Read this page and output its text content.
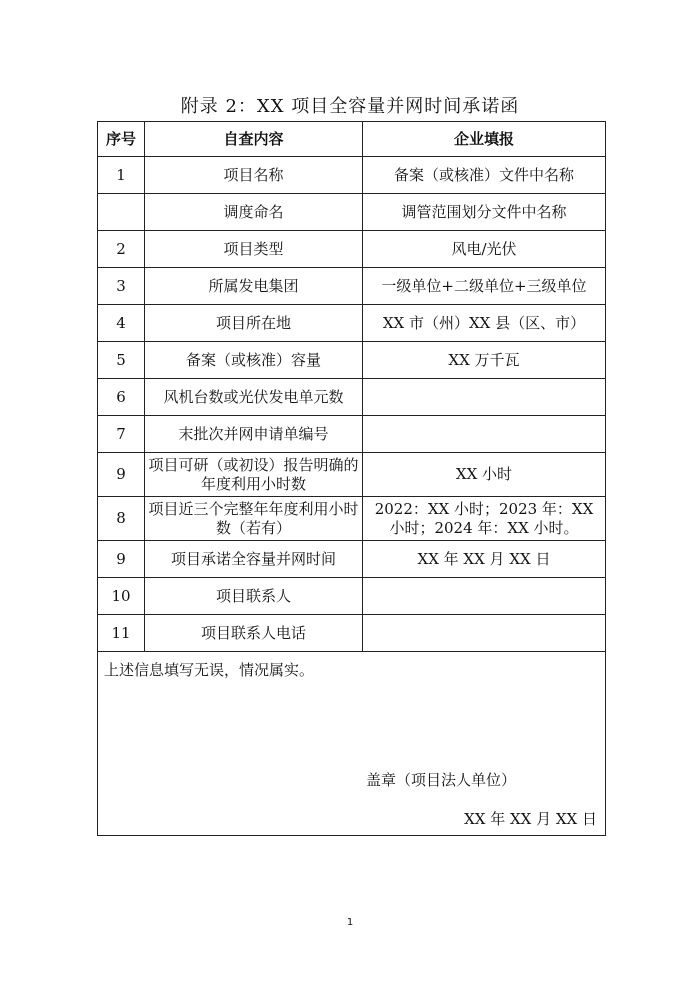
附录 2：XX 项目全容量并网时间承诺函
序号	自查内容	企业填报
1	项目名称	备案（或核准）文件中名称
	调度命名	调管范围划分文件中名称
2	项目类型	风电/光伏
3	所属发电集团	一级单位+二级单位+三级单位
4	项目所在地	XX 市（州）XX 县（区、市）
5	备案（或核准）容量	XX 万千瓦
6	风机台数或光伏发电单元数	
7	末批次并网申请单编号	
9	项目可研（或初设）报告明确的年度利用小时数	XX 小时
8	项目近三个完整年年度利用小时数（若有）	2022：XX 小时；2023 年：XX 小时；2024 年：XX 小时。
9	项目承诺全容量并网时间	XX 年 XX 月 XX 日
10	项目联系人	
11	项目联系人电话	

上述信息填写无误，情况属实。
盖章（项目法人单位）
XX 年 XX 月 XX 日		
1
